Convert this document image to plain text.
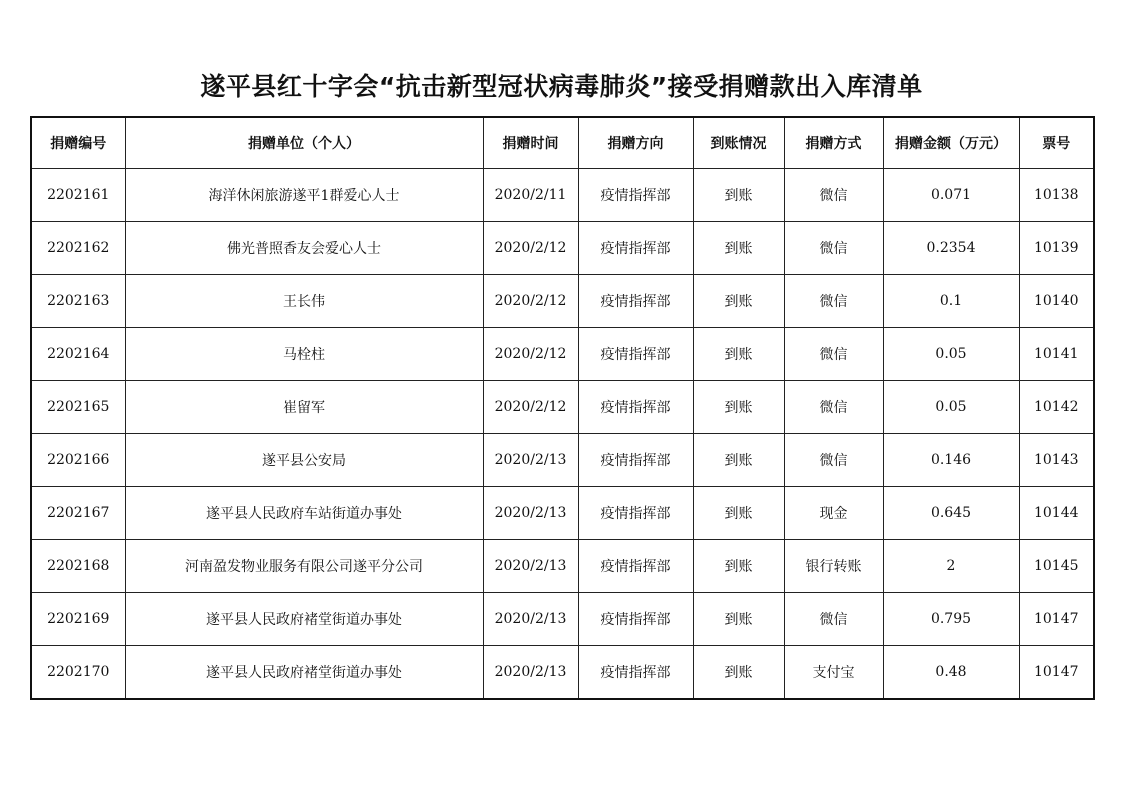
遂平县红十字会“抗击新型冠状病毒肺炎”接受捐赠款出入库清单
捐赠编号	捐赠单位（个人）	捐赠时间	捐赠方向	到账情况	捐赠方式	捐赠金额（万元）	票号
2202161	海洋休闲旅游遂平1群爱心人士	2020/2/11	疫情指挥部	到账	微信	0.071	10138
2202162	佛光普照香友会爱心人士	2020/2/12	疫情指挥部	到账	微信	0.2354	10139
2202163	王长伟	2020/2/12	疫情指挥部	到账	微信	0.1	10140
2202164	马栓柱	2020/2/12	疫情指挥部	到账	微信	0.05	10141
2202165	崔留军	2020/2/12	疫情指挥部	到账	微信	0.05	10142
2202166	遂平县公安局	2020/2/13	疫情指挥部	到账	微信	0.146	10143
2202167	遂平县人民政府车站街道办事处	2020/2/13	疫情指挥部	到账	现金	0.645	10144
2202168	河南盈发物业服务有限公司遂平分公司	2020/2/13	疫情指挥部	到账	银行转账	2	10145
2202169	遂平县人民政府褚堂街道办事处	2020/2/13	疫情指挥部	到账	微信	0.795	10147
2202170	遂平县人民政府褚堂街道办事处	2020/2/13	疫情指挥部	到账	支付宝	0.48	10147
